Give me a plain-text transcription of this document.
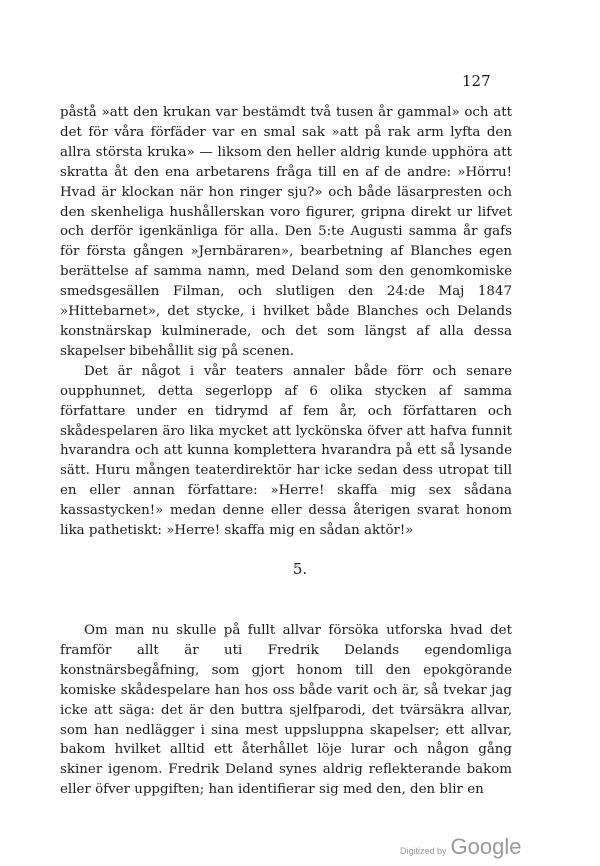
127

påstå »att den krukan var bestämdt två tusen år gammal» och att det för våra förfäder var en smal sak »att på rak arm lyfta den allra största kruka» — liksom den heller aldrig kunde upphöra att skratta åt den ena arbetarens fråga till en af de andre: »Hörru! Hvad är klockan när hon ringer sju?» och både läsarpresten och den skenheliga hushållerskan voro figurer, gripna direkt ur lifvet och derför igenkänliga för alla. Den 5:te Augusti samma år gafs för första gången »Jernbäraren», bearbetning af Blanches egen berättelse af samma namn, med Deland som den genomkomiske smedsgesällen Filman, och slutligen den 24:de Maj 1847 »Hittebarnet», det stycke, i hvilket både Blanches och Delands konstnärskap kulminerade, och det som längst af alla dessa skapelser bibehållit sig på scenen.

Det är något i vår teaters annaler både förr och senare oupphunnet, detta segerlopp af 6 olika stycken af samma författare under en tidrymd af fem år, och författaren och skådespelaren äro lika mycket att lyckönska öfver att hafva funnit hvarandra och att kunna komplettera hvarandra på ett så lysande sätt. Huru mången teaterdirektör har icke sedan dess utropat till en eller annan författare: »Herre! skaffa mig sex sådana kassastycken!» medan denne eller dessa återigen svarat honom lika pathetiskt: »Herre! skaffa mig en sådan aktör!»

5.

Om man nu skulle på fullt allvar försöka utforska hvad det framför allt är uti Fredrik Delands egendomliga konstnärsbegåfning, som gjort honom till den epokgörande komiske skådespelare han hos oss både varit och är, så tvekar jag icke att säga: det är den buttra sjelfparodi, det tvärsäkra allvar, som han nedlägger i sina mest uppsluppna skapelser; ett allvar, bakom hvilket alltid ett återhållet löje lurar och någon gång skiner igenom. Fredrik Deland synes aldrig reflekterande bakom eller öfver uppgiften; han identifierar sig med den, den blir en

Digitized by Google
